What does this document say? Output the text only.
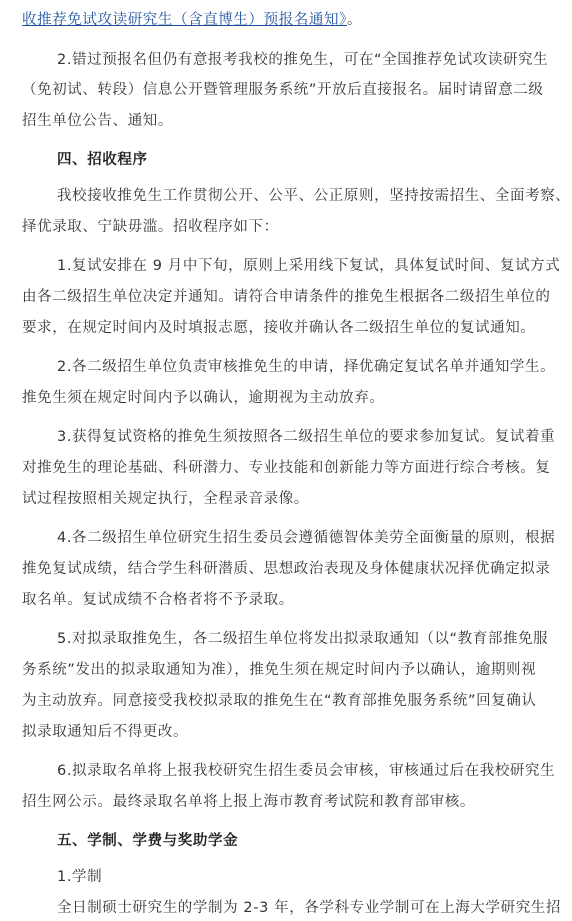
收推荐免试攻读研究生（含直博生）预报名通知》。
2.错过预报名但仍有意报考我校的推免生，可在“全国推荐免试攻读研究生
（免初试、转段）信息公开暨管理服务系统”开放后直接报名。届时请留意二级
招生单位公告、通知。
四、招收程序
我校接收推免生工作贯彻公开、公平、公正原则，坚持按需招生、全面考察、
择优录取、宁缺毋滥。招收程序如下：
1.复试安排在 9 月中下旬，原则上采用线下复试，具体复试时间、复试方式
由各二级招生单位决定并通知。请符合申请条件的推免生根据各二级招生单位的
要求，在规定时间内及时填报志愿，接收并确认各二级招生单位的复试通知。
2.各二级招生单位负责审核推免生的申请，择优确定复试名单并通知学生。
推免生须在规定时间内予以确认，逾期视为主动放弃。
3.获得复试资格的推免生须按照各二级招生单位的要求参加复试。复试着重
对推免生的理论基础、科研潜力、专业技能和创新能力等方面进行综合考核。复
试过程按照相关规定执行，全程录音录像。
4.各二级招生单位研究生招生委员会遵循德智体美劳全面衡量的原则，根据
推免复试成绩，结合学生科研潜质、思想政治表现及身体健康状况择优确定拟录
取名单。复试成绩不合格者将不予录取。
5.对拟录取推免生，各二级招生单位将发出拟录取通知（以“教育部推免服
务系统”发出的拟录取通知为准），推免生须在规定时间内予以确认，逾期则视
为主动放弃。同意接受我校拟录取的推免生在“教育部推免服务系统”回复确认
拟录取通知后不得更改。
6.拟录取名单将上报我校研究生招生委员会审核，审核通过后在我校研究生
招生网公示。最终录取名单将上报上海市教育考试院和教育部审核。
五、学制、学费与奖助学金
1.学制
全日制硕士研究生的学制为 2-3 年，各学科专业学制可在上海大学研究生招
